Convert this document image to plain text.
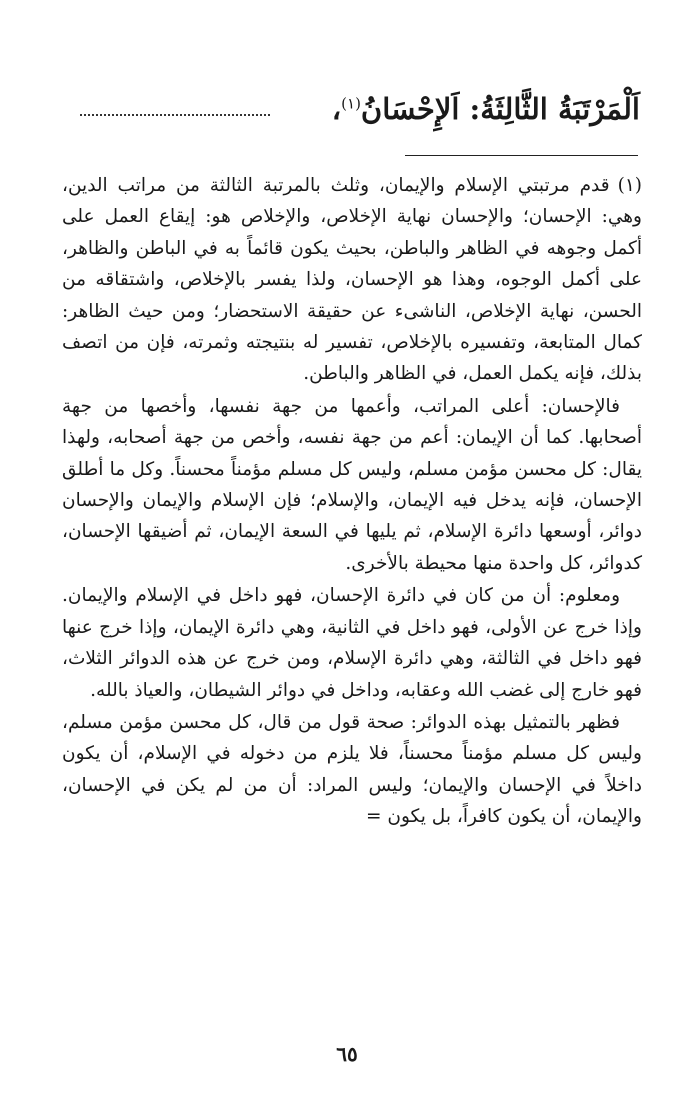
اَلْمَرْتَبَةُ الثَّالِثَةُ: اَلإِحْسَانُ$^{(١)}$،

(١)قدم مرتبتي الإسلام والإيمان، وثلث بالمرتبة الثالثة من مراتب الدين، وهي: الإحسان؛ والإحسان نهاية الإخلاص، والإخلاص هو: إيقاع العمل على أكمل وجوهه في الظاهر والباطن، بحيث يكون قائماً به في الباطن والظاهر، على أكمل الوجوه، وهذا هو الإحسان، ولذا يفسر بالإخلاص، واشتقاقه من الحسن، نهاية الإخلاص، الناشىء عن حقيقة الاستحضار؛ ومن حيث الظاهر: كمال المتابعة، وتفسيره بالإخلاص، تفسير له بنتيجته وثمرته، فإن من اتصف بذلك، فإنه يكمل العمل، في الظاهر والباطن.

فالإحسان: أعلى المراتب، وأعمها من جهة نفسها، وأخصها من جهة أصحابها. كما أن الإيمان: أعم من جهة نفسه، وأخص من جهة أصحابه، ولهذا يقال: كل محسن مؤمن مسلم، وليس كل مسلم مؤمناً محسناً. وكل ما أطلق الإحسان، فإنه يدخل فيه الإيمان، والإسلام؛ فإن الإسلام والإيمان والإحسان دوائر، أوسعها دائرة الإسلام، ثم يليها في السعة الإيمان، ثم أضيقها الإحسان، كدوائر، كل واحدة منها محيطة بالأخرى.

ومعلوم: أن من كان في دائرة الإحسان، فهو داخل في الإسلام والإيمان. وإذا خرج عن الأولى، فهو داخل في الثانية، وهي دائرة الإيمان، وإذا خرج عنها فهو داخل في الثالثة، وهي دائرة الإسلام، ومن خرج عن هذه الدوائر الثلاث، فهو خارج إلى غضب الله وعقابه، وداخل في دوائر الشيطان، والعياذ بالله.

فظهر بالتمثيل بهذه الدوائر: صحة قول من قال، كل محسن مؤمن مسلم، وليس كل مسلم مؤمناً محسناً، فلا يلزم من دخوله في الإسلام، أن يكون داخلاً في الإحسان والإيمان؛ وليس المراد: أن من لم يكن في الإحسان، والإيمان، أن يكون كافراً، بل يكون =

٦٥
